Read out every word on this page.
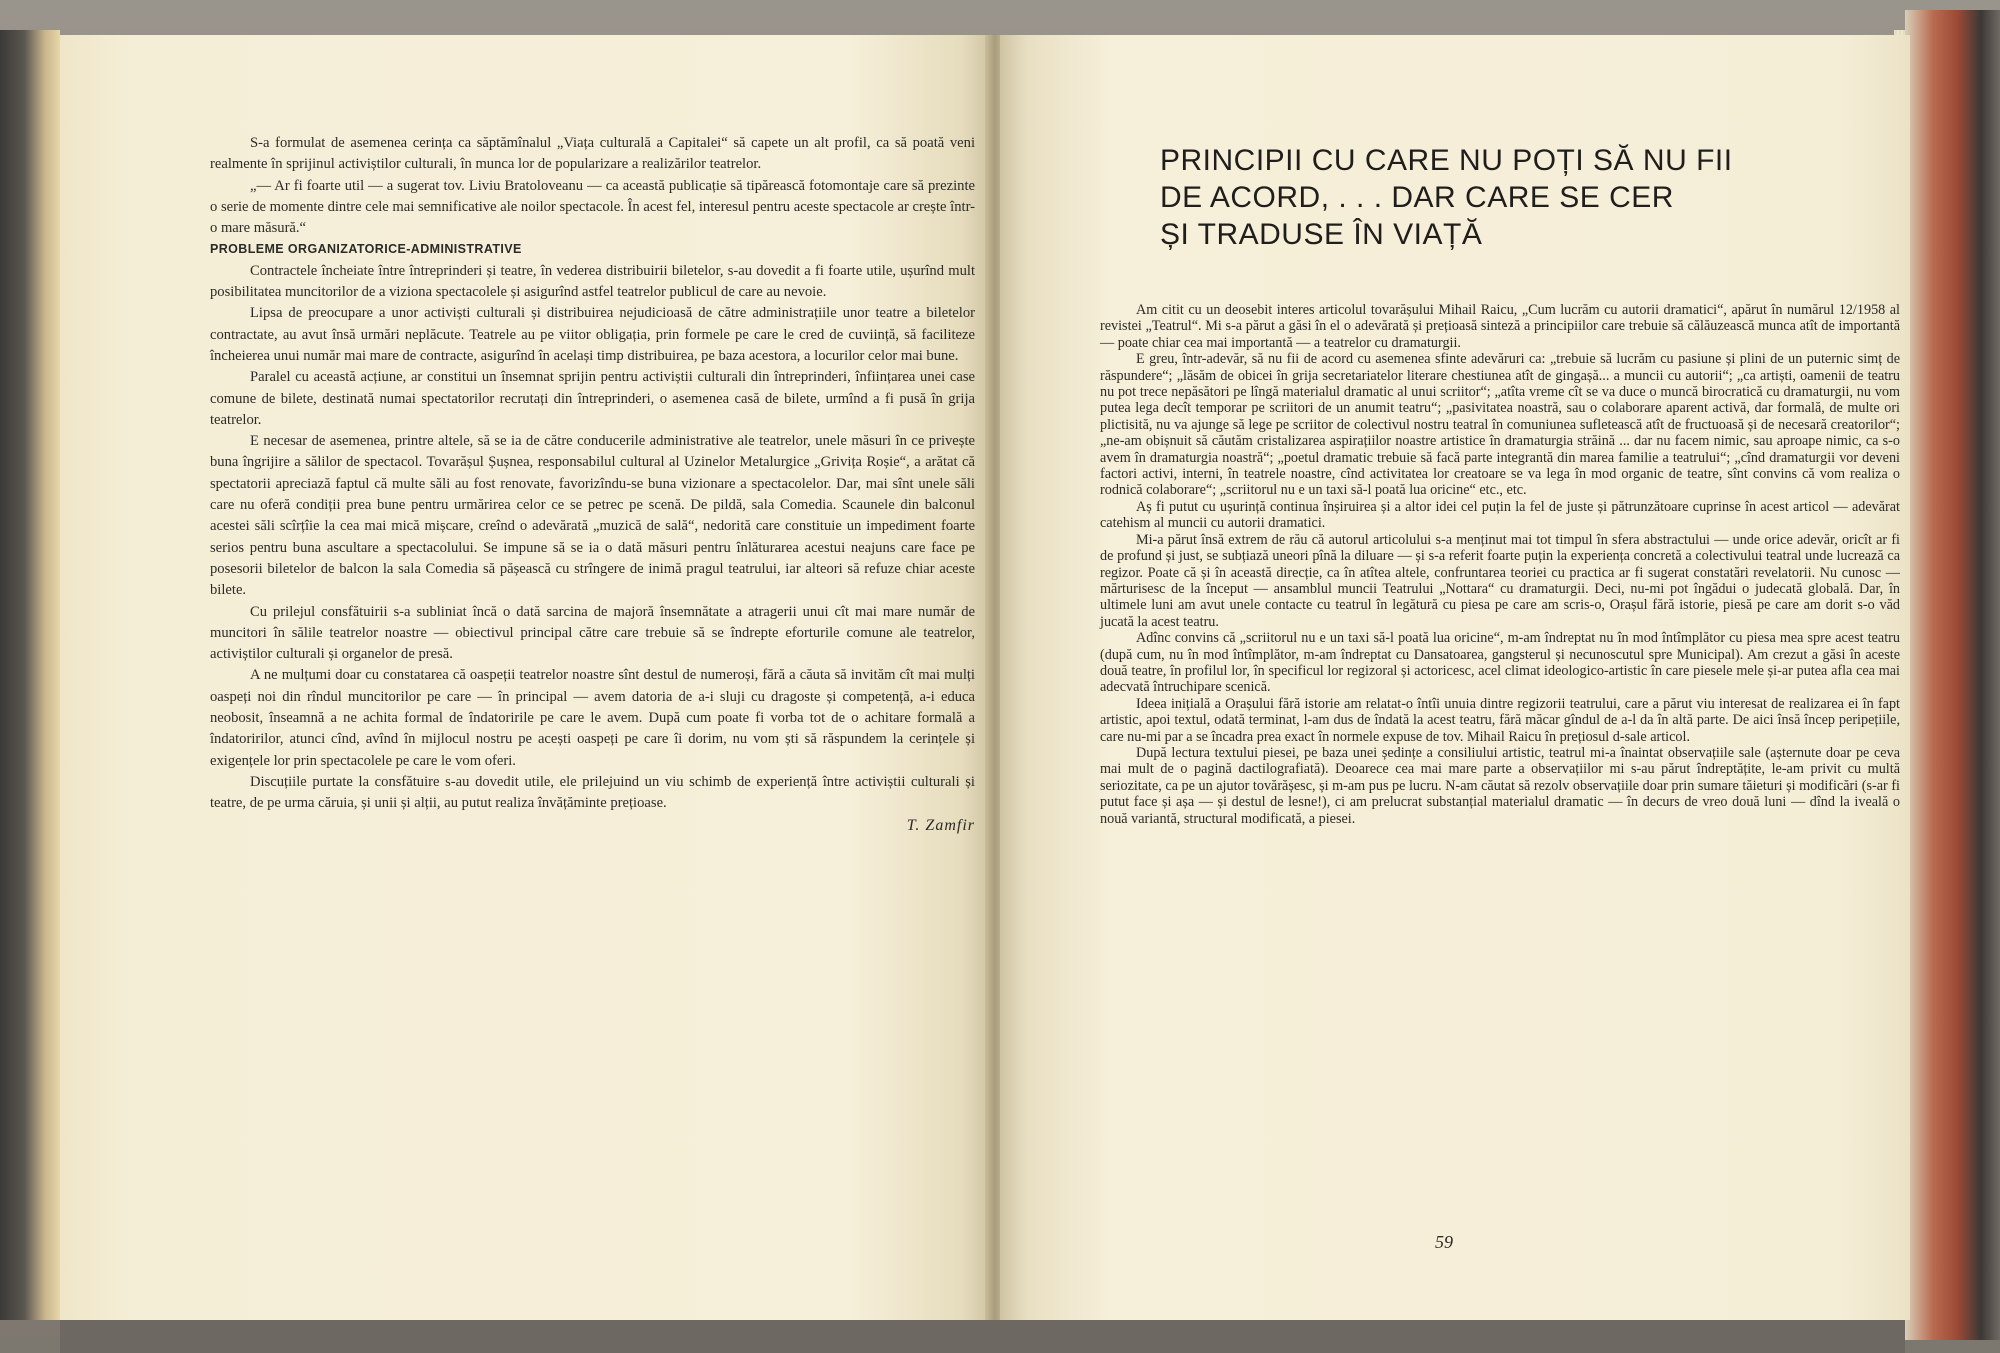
S-a formulat de asemenea cerința ca săptămînalul „Viața culturală a Capitalei“ să capete un alt profil, ca să poată veni realmente în sprijinul activiștilor culturali, în munca lor de popularizare a realizărilor teatrelor.

„— Ar fi foarte util — a sugerat tov. Liviu Bratoloveanu — ca această publicație să tipărească fotomontaje care să prezinte o serie de momente dintre cele mai semnificative ale noilor spectacole. În acest fel, interesul pentru aceste spectacole ar crește într-o mare măsură.“

PROBLEME ORGANIZATORICE-ADMINISTRATIVE

Contractele încheiate între întreprinderi și teatre, în vederea distribuirii biletelor, s-au dovedit a fi foarte utile, ușurînd mult posibilitatea muncitorilor de a viziona spectacolele și asigurînd astfel teatrelor publicul de care au nevoie.

Lipsa de preocupare a unor activiști culturali și distribuirea nejudicioasă de către administrațiile unor teatre a biletelor contractate, au avut însă urmări neplăcute. Teatrele au pe viitor obligația, prin formele pe care le cred de cuviință, să faciliteze încheierea unui număr mai mare de contracte, asigurînd în același timp distribuirea, pe baza acestora, a locurilor celor mai bune.

Paralel cu această acțiune, ar constitui un însemnat sprijin pentru activiștii culturali din întreprinderi, înființarea unei case comune de bilete, destinată numai spectatorilor recrutați din întreprinderi, o asemenea casă de bilete, urmînd a fi pusă în grija teatrelor.

E necesar de asemenea, printre altele, să se ia de către conducerile administrative ale teatrelor, unele măsuri în ce privește buna îngrijire a sălilor de spectacol. Tovarășul Șușnea, responsabilul cultural al Uzinelor Metalurgice „Grivița Roșie“, a arătat că spectatorii apreciază faptul că multe săli au fost renovate, favorizîndu-se buna vizionare a spectacolelor. Dar, mai sînt unele săli care nu oferă condiții prea bune pentru urmărirea celor ce se petrec pe scenă. De pildă, sala Comedia. Scaunele din balconul acestei săli scîrțîie la cea mai mică mișcare, creînd o adevărată „muzică de sală“, nedorită care constituie un impediment foarte serios pentru buna ascultare a spectacolului. Se impune să se ia o dată măsuri pentru înlăturarea acestui neajuns care face pe posesorii biletelor de balcon la sala Comedia să pășească cu strîngere de inimă pragul teatrului, iar alteori să refuze chiar aceste bilete.

Cu prilejul consfătuirii s-a subliniat încă o dată sarcina de majoră însemnătate a atragerii unui cît mai mare număr de muncitori în sălile teatrelor noastre — obiectivul principal către care trebuie să se îndrepte eforturile comune ale teatrelor, activiștilor culturali și organelor de presă.

A ne mulțumi doar cu constatarea că oaspeții teatrelor noastre sînt destul de numeroși, fără a căuta să invităm cît mai mulți oaspeți noi din rîndul muncitorilor pe care — în principal — avem datoria de a-i sluji cu dragoste și competență, a-i educa neobosit, înseamnă a ne achita formal de îndatoririle pe care le avem. După cum poate fi vorba tot de o achitare formală a îndatoririlor, atunci cînd, avînd în mijlocul nostru pe acești oaspeți pe care îi dorim, nu vom ști să răspundem la cerințele și exigențele lor prin spectacolele pe care le vom oferi.

Discuțiile purtate la consfătuire s-au dovedit utile, ele prilejuind un viu schimb de experiență între activiștii culturali și teatre, de pe urma căruia, și unii și alții, au putut realiza învățăminte prețioase.

T. Zamfir

PRINCIPII CU CARE NU POȚI SĂ NU FII
DE ACORD, . . . DAR CARE SE CER
ȘI TRADUSE ÎN VIAȚĂ

Am citit cu un deosebit interes articolul tovarășului Mihail Raicu, „Cum lucrăm cu autorii dramatici“, apărut în numărul 12/1958 al revistei „Teatrul“. Mi s-a părut a găsi în el o adevărată și prețioasă sinteză a principiilor care trebuie să călăuzească munca atît de importantă — poate chiar cea mai importantă — a teatrelor cu dramaturgii.

E greu, într-adevăr, să nu fii de acord cu asemenea sfinte adevăruri ca: „trebuie să lucrăm cu pasiune și plini de un puternic simț de răspundere“; „lăsăm de obicei în grija secretariatelor literare chestiunea atît de gingașă... a muncii cu autorii“; „ca artiști, oamenii de teatru nu pot trece nepăsători pe lîngă materialul dramatic al unui scriitor“; „atîta vreme cît se va duce o muncă birocratică cu dramaturgii, nu vom putea lega decît temporar pe scriitori de un anumit teatru“; „pasivitatea noastră, sau o colaborare aparent activă, dar formală, de multe ori plictisită, nu va ajunge să lege pe scriitor de colectivul nostru teatral în comuniunea sufletească atît de fructuoasă și de necesară creatorilor“; „ne-am obișnuit să căutăm cristalizarea aspirațiilor noastre artistice în dramaturgia străină ... dar nu facem nimic, sau aproape nimic, ca s-o avem în dramaturgia noastră“; „poetul dramatic trebuie să facă parte integrantă din marea familie a teatrului“; „cînd dramaturgii vor deveni factori activi, interni, în teatrele noastre, cînd activitatea lor creatoare se va lega în mod organic de teatre, sînt convins că vom realiza o rodnică colaborare“; „scriitorul nu e un taxi să-l poată lua oricine“ etc., etc.

Aș fi putut cu ușurință continua înșiruirea și a altor idei cel puțin la fel de juste și pătrunzătoare cuprinse în acest articol — adevărat catehism al muncii cu autorii dramatici.

Mi-a părut însă extrem de rău că autorul articolului s-a menținut mai tot timpul în sfera abstractului — unde orice adevăr, oricît ar fi de profund și just, se subțiază uneori pînă la diluare — și s-a referit foarte puțin la experiența concretă a colectivului teatral unde lucrează ca regizor. Poate că și în această direcție, ca în atîtea altele, confruntarea teoriei cu practica ar fi sugerat constatări revelatorii. Nu cunosc — mărturisesc de la început — ansamblul muncii Teatrului „Nottara“ cu dramaturgii. Deci, nu-mi pot îngădui o judecată globală. Dar, în ultimele luni am avut unele contacte cu teatrul în legătură cu piesa pe care am scris-o, Orașul fără istorie, piesă pe care am dorit s-o văd jucată la acest teatru.

Adînc convins că „scriitorul nu e un taxi să-l poată lua oricine“, m-am îndreptat nu în mod întîmplător cu piesa mea spre acest teatru (după cum, nu în mod întîmplător, m-am îndreptat cu Dansatoarea, gangsterul și necunoscutul spre Municipal). Am crezut a găsi în aceste două teatre, în profilul lor, în specificul lor regizoral și actoricesc, acel climat ideologico-artistic în care piesele mele și-ar putea afla cea mai adecvată întruchipare scenică.

Ideea inițială a Orașului fără istorie am relatat-o întîi unuia dintre regizorii teatrului, care a părut viu interesat de realizarea ei în fapt artistic, apoi textul, odată terminat, l-am dus de îndată la acest teatru, fără măcar gîndul de a-l da în altă parte. De aici însă încep peripețiile, care nu-mi par a se încadra prea exact în normele expuse de tov. Mihail Raicu în prețiosul d-sale articol.

După lectura textului piesei, pe baza unei ședințe a consiliului artistic, teatrul mi-a înaintat observațiile sale (așternute doar pe ceva mai mult de o pagină dactilografiată). Deoarece cea mai mare parte a observațiilor mi s-au părut îndreptățite, le-am privit cu multă seriozitate, ca pe un ajutor tovărășesc, și m-am pus pe lucru. N-am căutat să rezolv observațiile doar prin sumare tăieturi și modificări (s-ar fi putut face și așa — și destul de lesne!), ci am prelucrat substanțial materialul dramatic — în decurs de vreo două luni — dînd la iveală o nouă variantă, structural modificată, a piesei.

59
